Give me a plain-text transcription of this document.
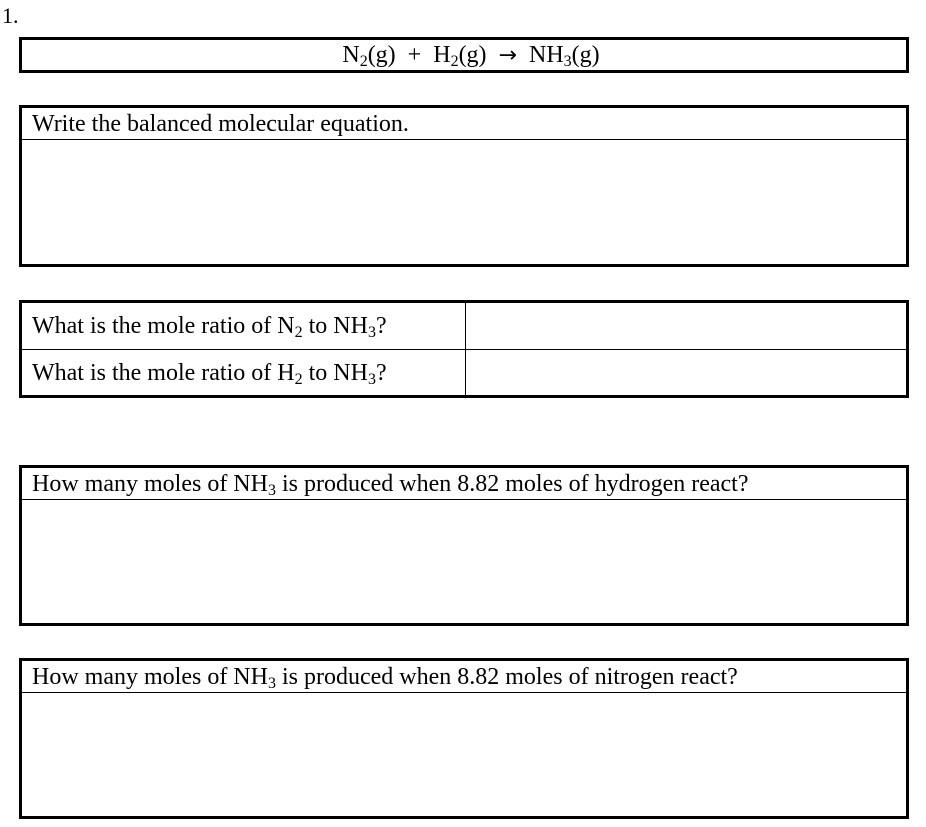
1.
$N_2(g) + H_2(g) \to NH_3(g)$
Write the balanced molecular equation.
What is the mole ratio of $N_2$ to $NH_3$?	
What is the mole ratio of $H_2$ to $NH_3$?	
How many moles of $NH_3$ is produced when 8.82 moles of hydrogen react?
How many moles of $NH_3$ is produced when 8.82 moles of nitrogen react?
